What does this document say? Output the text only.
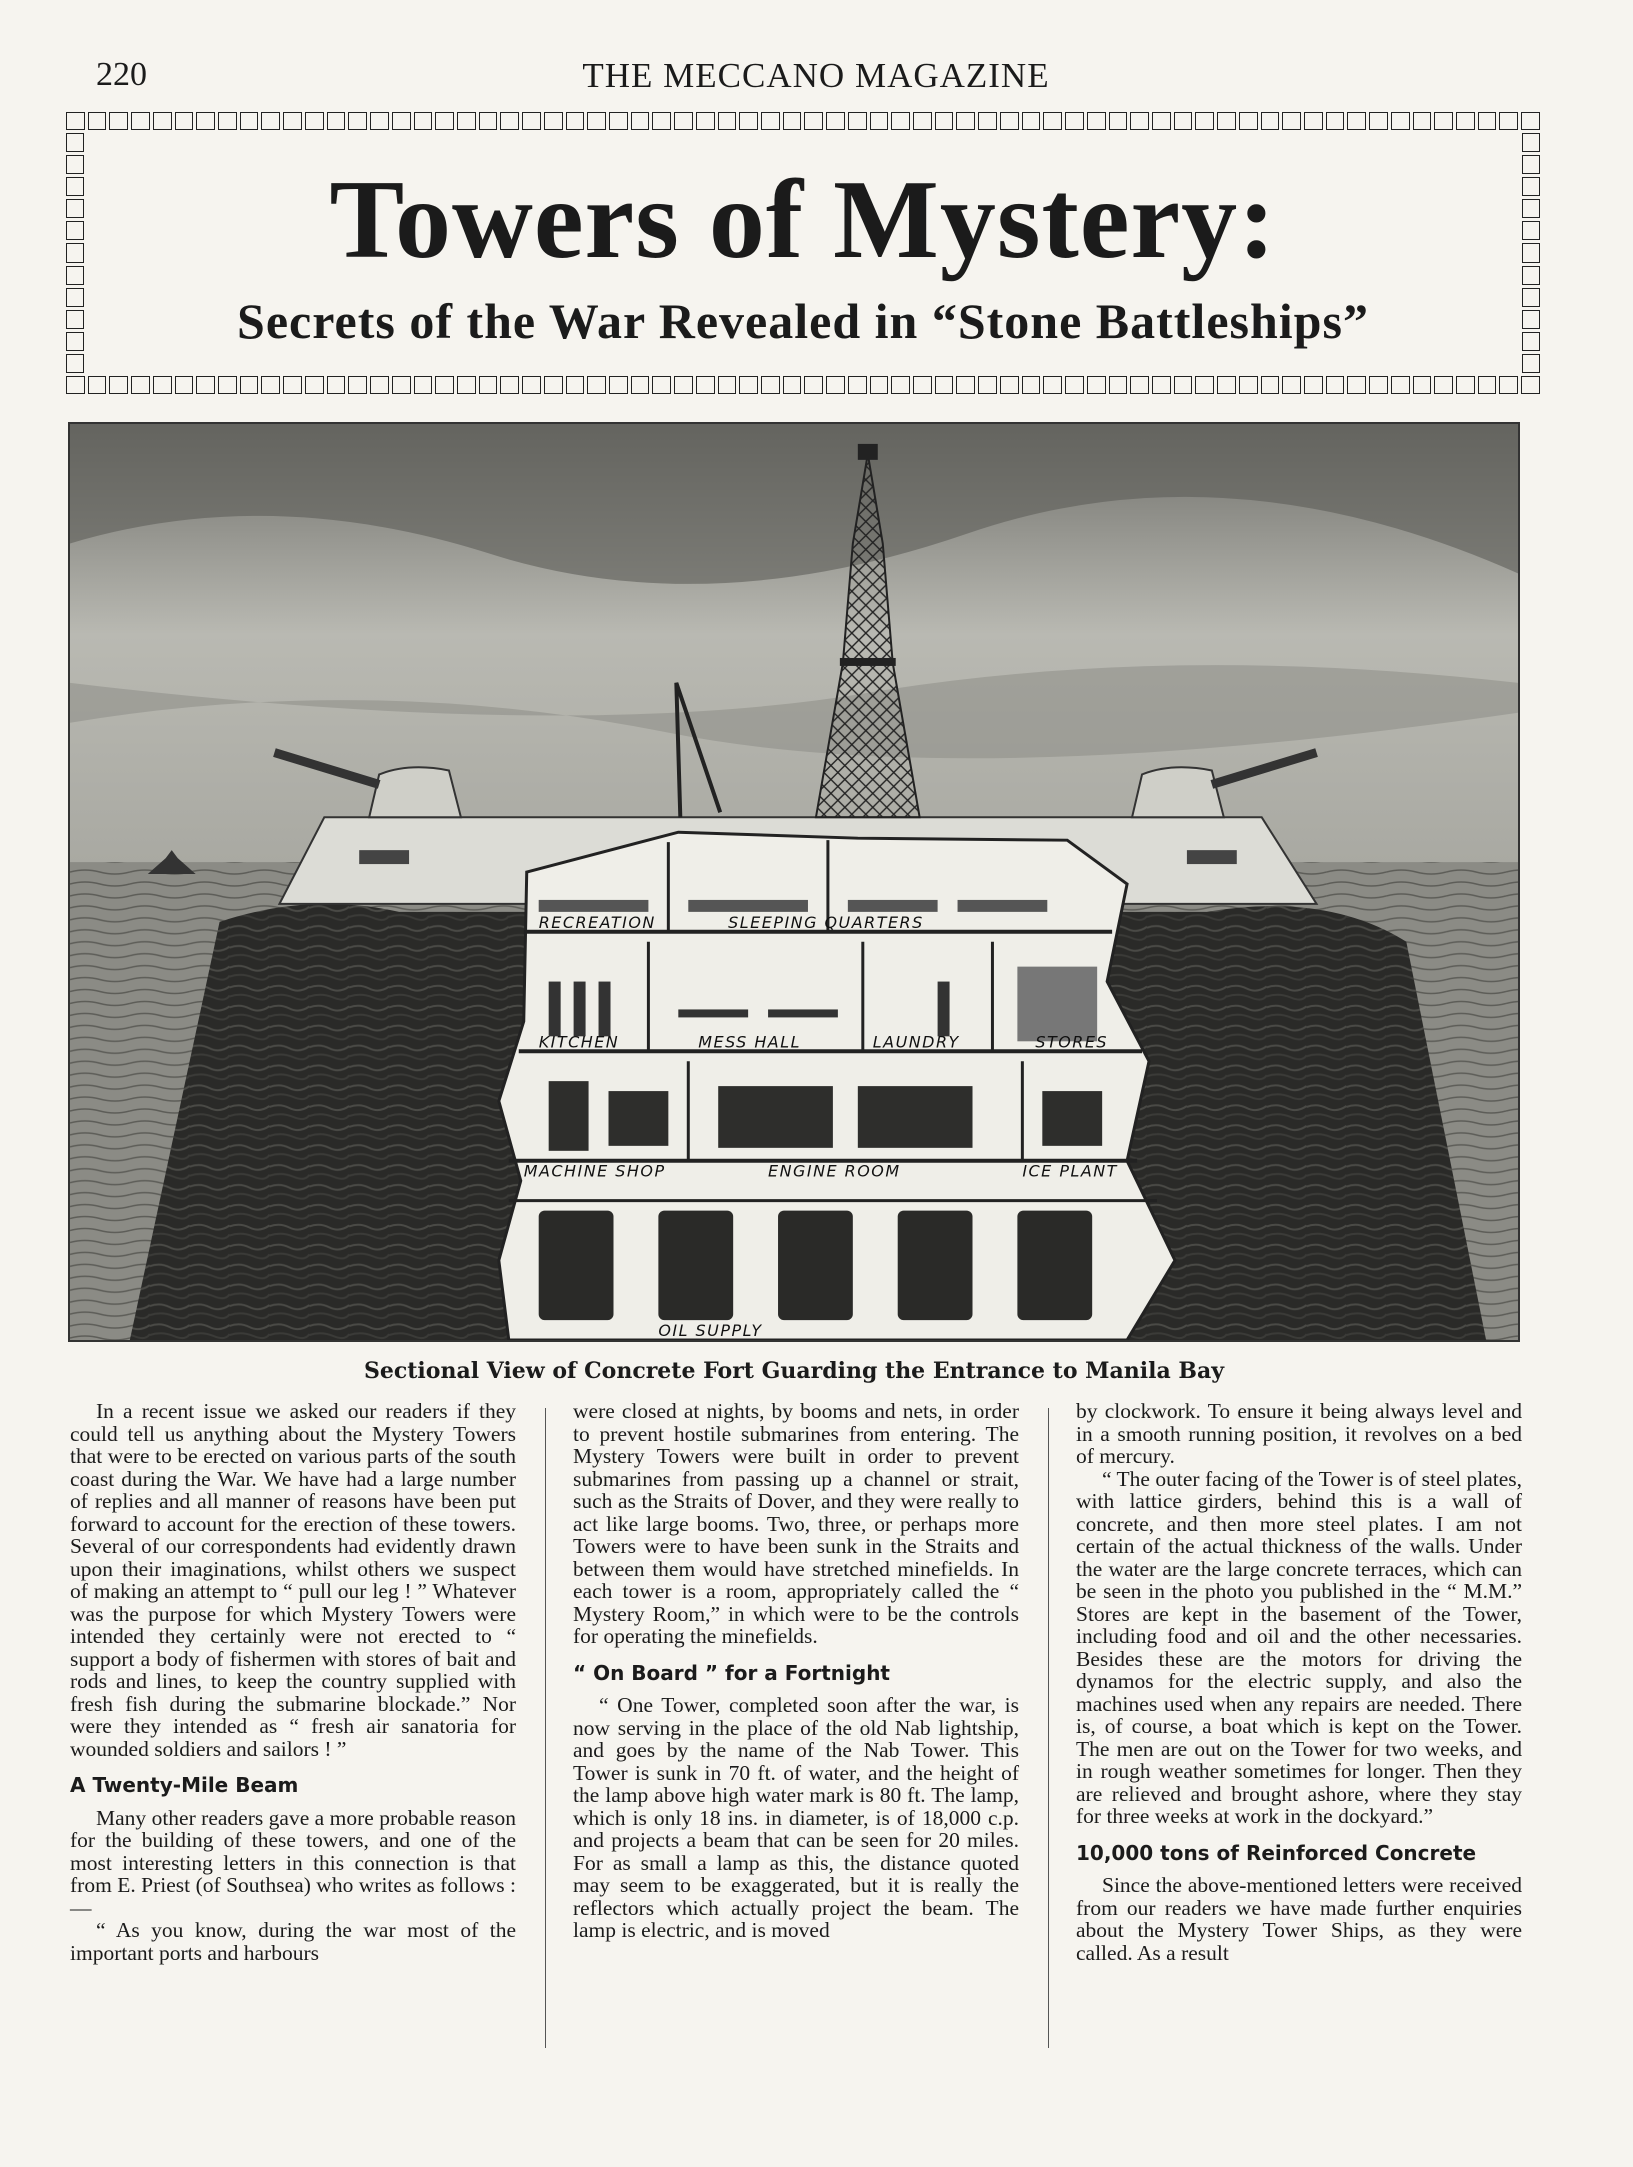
220	THE MECCANO MAGAZINE
Towers of Mystery:
Secrets of the War Revealed in “Stone Battleships”
RECREATION	SLEEPING QUARTERS
KITCHEN	MESS HALL	LAUNDRY	STORES
MACHINE SHOP	ENGINE ROOM	ICE PLANT
OIL SUPPLY
Sectional View of Concrete Fort Guarding the Entrance to Manila Bay

In a recent issue we asked our readers if they could tell us anything about the Mystery Towers that were to be erected on various parts of the south coast during the War. We have had a large number of replies and all manner of reasons have been put forward to account for the erection of these towers. Several of our correspondents had evidently drawn upon their imaginations, whilst others we suspect of making an attempt to “ pull our leg ! ” Whatever was the purpose for which Mystery Towers were intended they certainly were not erected to “ support a body of fishermen with stores of bait and rods and lines, to keep the country supplied with fresh fish during the submarine blockade.” Nor were they intended as “ fresh air sanatoria for wounded soldiers and sailors ! ”

A Twenty-Mile Beam

Many other readers gave a more probable reason for the building of these towers, and one of the most interesting letters in this connection is that from E. Priest (of Southsea) who writes as follows :—

“ As you know, during the war most of the important ports and harbours

were closed at nights, by booms and nets, in order to prevent hostile submarines from entering. The Mystery Towers were built in order to prevent submarines from passing up a channel or strait, such as the Straits of Dover, and they were really to act like large booms. Two, three, or perhaps more Towers were to have been sunk in the Straits and between them would have stretched minefields. In each tower is a room, appropriately called the “ Mystery Room,” in which were to be the controls for operating the minefields.

“ On Board ” for a Fortnight

“ One Tower, completed soon after the war, is now serving in the place of the old Nab lightship, and goes by the name of the Nab Tower. This Tower is sunk in 70 ft. of water, and the height of the lamp above high water mark is 80 ft. The lamp, which is only 18 ins. in diameter, is of 18,000 c.p. and projects a beam that can be seen for 20 miles. For as small a lamp as this, the distance quoted may seem to be exaggerated, but it is really the reflectors which actually project the beam. The lamp is electric, and is moved

by clockwork. To ensure it being always level and in a smooth running position, it revolves on a bed of mercury.

“ The outer facing of the Tower is of steel plates, with lattice girders, behind this is a wall of concrete, and then more steel plates. I am not certain of the actual thickness of the walls. Under the water are the large concrete terraces, which can be seen in the photo you published in the “ M.M.” Stores are kept in the basement of the Tower, including food and oil and the other necessaries. Besides these are the motors for driving the dynamos for the electric supply, and also the machines used when any repairs are needed. There is, of course, a boat which is kept on the Tower. The men are out on the Tower for two weeks, and in rough weather sometimes for longer. Then they are relieved and brought ashore, where they stay for three weeks at work in the dockyard.”

10,000 tons of Reinforced Concrete

Since the above-mentioned letters were received from our readers we have made further enquiries about the Mystery Tower Ships, as they were called. As a result
